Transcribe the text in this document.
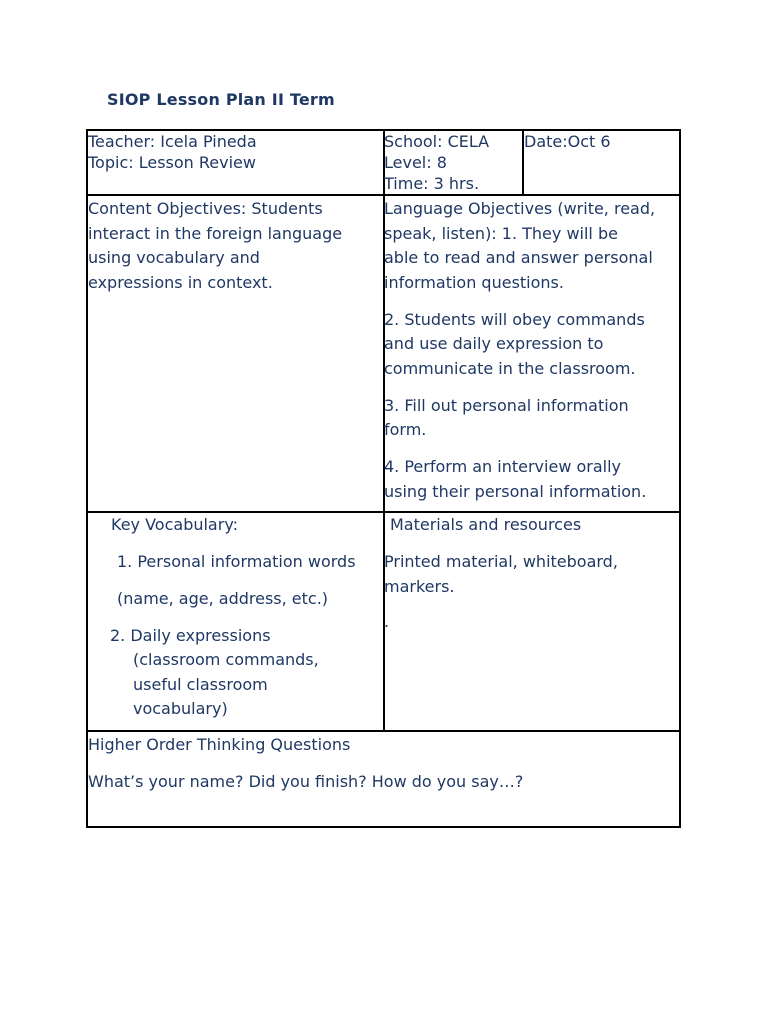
SIOP Lesson Plan II Term
Teacher: Icela Pineda
Topic: Lesson Review
School: CELA
Level: 8
Time: 3 hrs.
Date:Oct 6
Content Objectives: Students
interact in the foreign language
using vocabulary and
expressions in context.
Language Objectives (write, read,
speak, listen): 1. They will be
able to read and answer personal
information questions.
2. Students will obey commands
and use daily expression to
communicate in the classroom.
3. Fill out personal information
form.
4. Perform an interview orally
using their personal information.
Key Vocabulary:
1. Personal information words
(name, age, address, etc.)
2. Daily expressions
(classroom commands,
useful classroom
vocabulary)
Materials and resources
Printed material, whiteboard,
markers.
.
Higher Order Thinking Questions
What’s your name? Did you finish? How do you say…?
